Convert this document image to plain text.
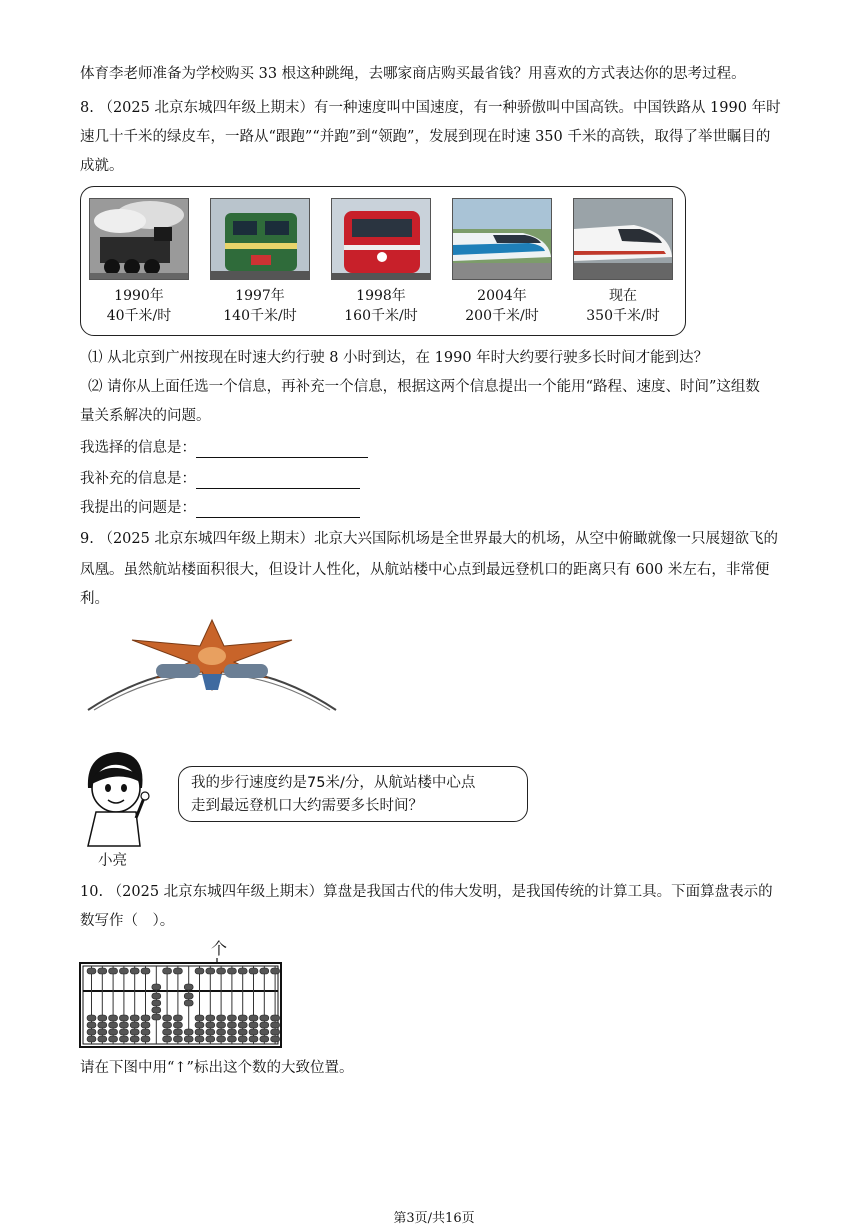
体育李老师准备为学校购买 33 根这种跳绳，去哪家商店购买最省钱？用喜欢的方式表达你的思考过程。
8. （2025 北京东城四年级上期末）有一种速度叫中国速度，有一种骄傲叫中国高铁。中国铁路从 1990 年时
速几十千米的绿皮车，一路从“跟跑”“并跑”到“领跑”，发展到现在时速 350 千米的高铁，取得了举世瞩目的
成就。
1990年
40千米/时
1997年
140千米/时
1998年
160千米/时
2004年
200千米/时
现在
350千米/时
⑴ 从北京到广州按现在时速大约行驶 8 小时到达，在 1990 年时大约要行驶多长时间才能到达？
⑵ 请你从上面任选一个信息，再补充一个信息，根据这两个信息提出一个能用“路程、速度、时间”这组数
量关系解决的问题。
我选择的信息是：
我补充的信息是：
我提出的问题是：
9. （2025 北京东城四年级上期末）北京大兴国际机场是全世界最大的机场，从空中俯瞰就像一只展翅欲飞的
凤凰。虽然航站楼面积很大，但设计人性化，从航站楼中心点到最远登机口的距离只有 600 米左右，非常便
利。
我的步行速度约是75米/分，从航站楼中心点
走到最远登机口大约需要多长时间？
小亮
10. （2025 北京东城四年级上期末）算盘是我国古代的伟大发明，是我国传统的计算工具。下面算盘表示的
数写作（　）。
个
请在下图中用“↑”标出这个数的大致位置。
第3页/共16页
